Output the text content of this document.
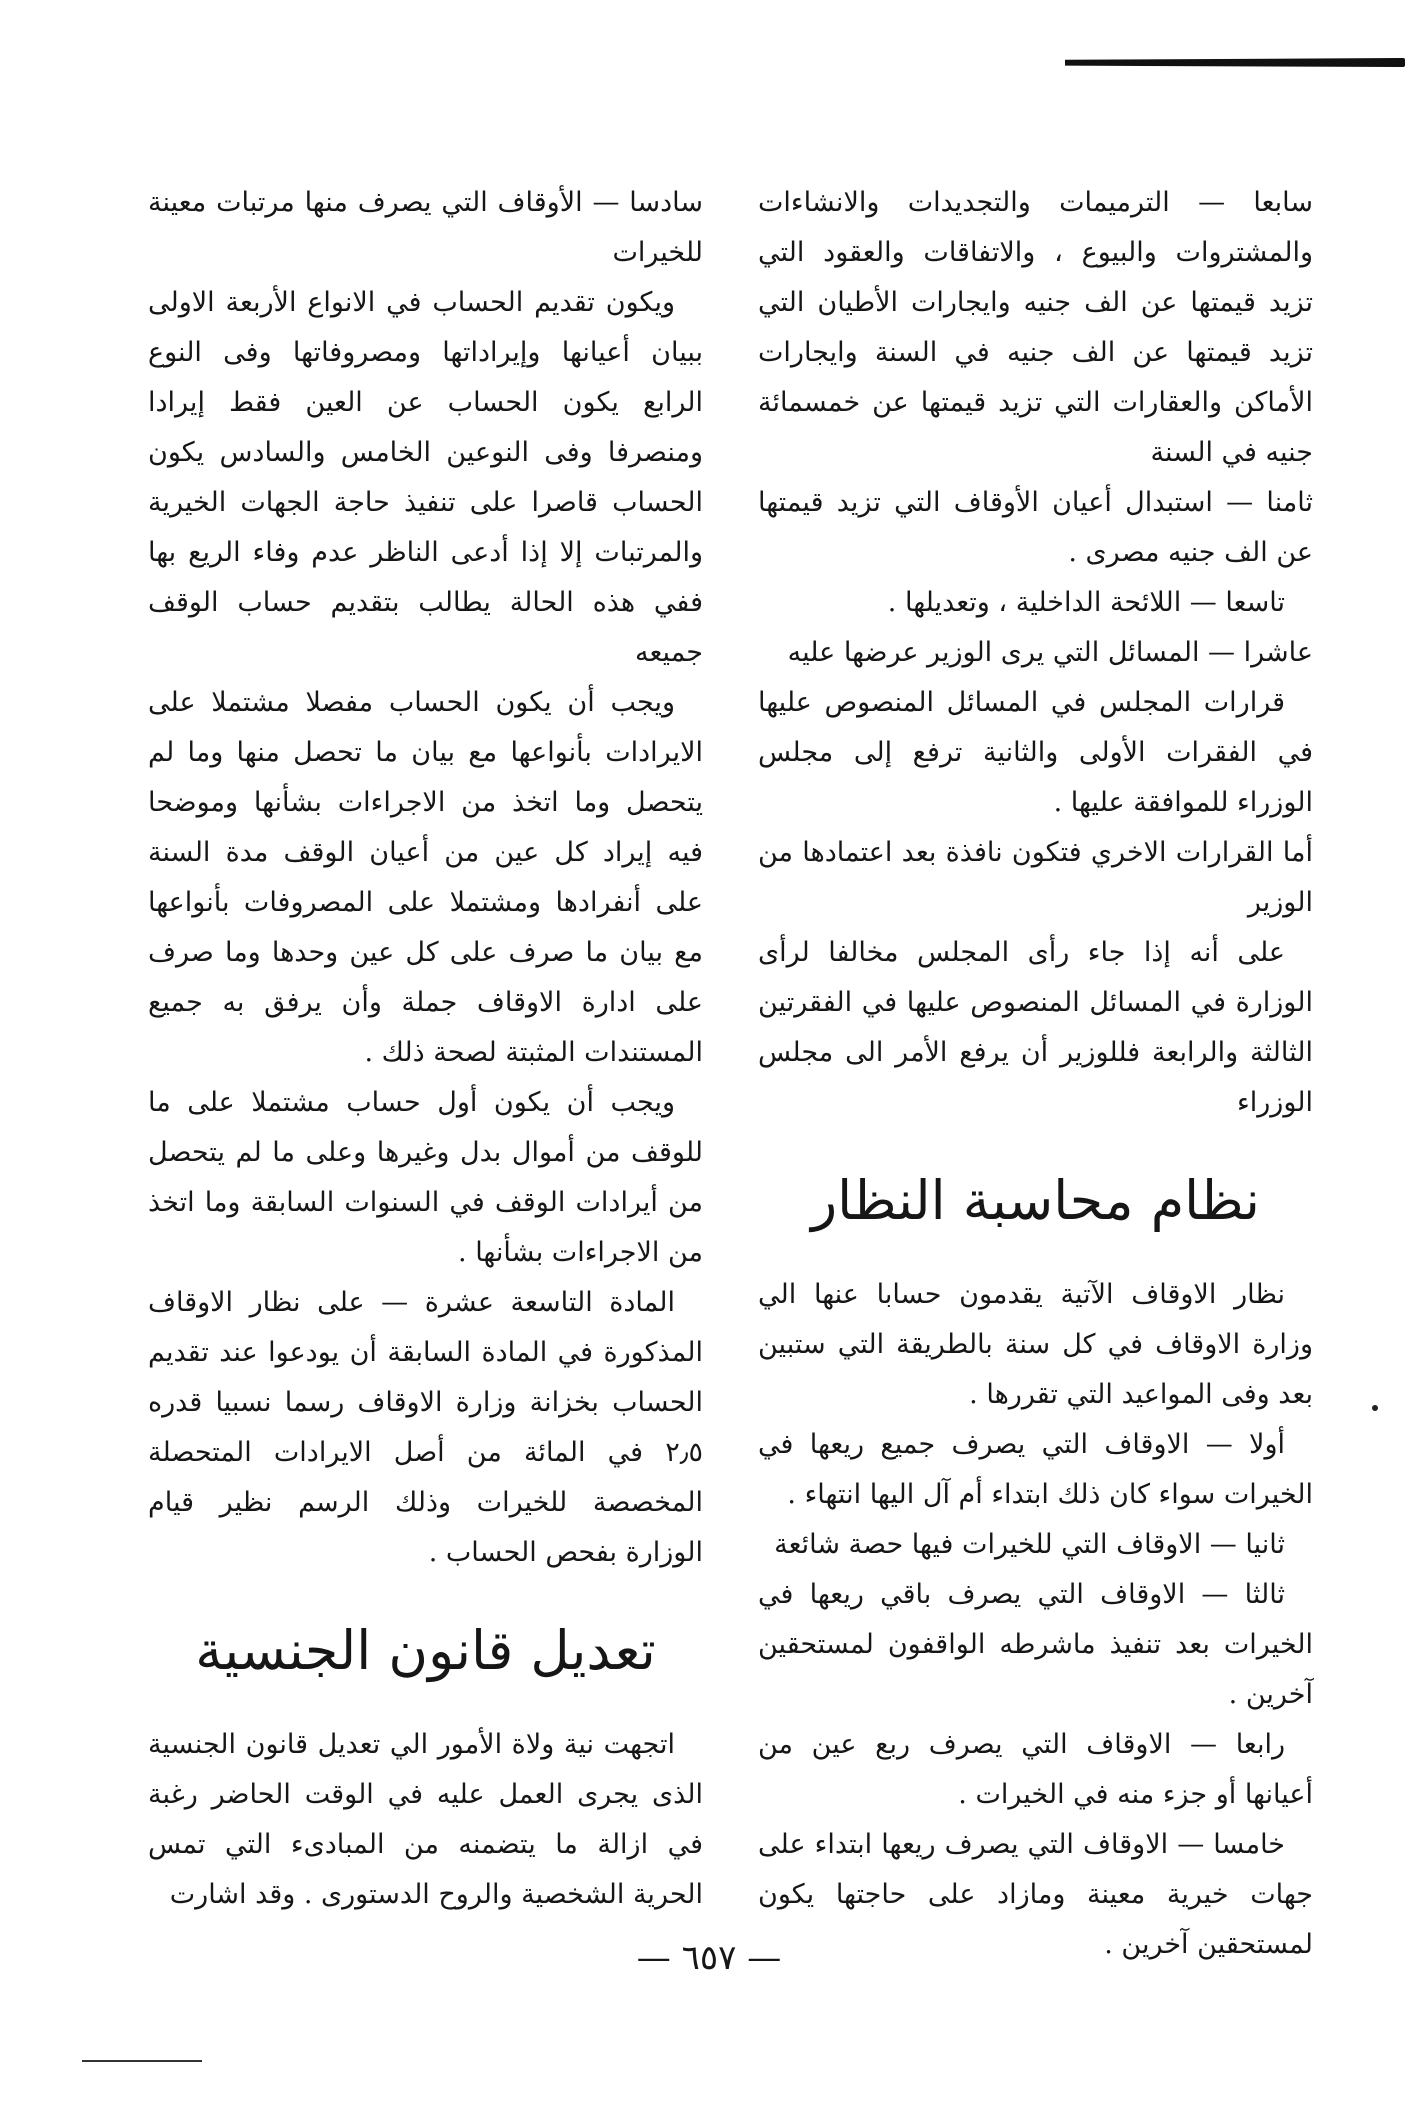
سابعا — الترميمات والتجديدات والانشاءات والمشتروات والبيوع ، والاتفاقات والعقود التي تزيد قيمتها عن الف جنيه وايجارات الأطيان التي تزيد قيمتها عن الف جنيه في السنة وايجارات الأماكن والعقارات التي تزيد قيمتها عن خمسمائة جنيه في السنة

ثامنا — استبدال أعيان الأوقاف التي تزيد قيمتها عن الف جنيه مصرى .

تاسعا — اللائحة الداخلية ، وتعديلها .

عاشرا — المسائل التي يرى الوزير عرضها عليه

قرارات المجلس في المسائل المنصوص عليها في الفقرات الأولى والثانية ترفع إلى مجلس الوزراء للموافقة عليها .

أما القرارات الاخري فتكون نافذة بعد اعتمادها من الوزير

على أنه إذا جاء رأى المجلس مخالفا لرأى الوزارة في المسائل المنصوص عليها في الفقرتين الثالثة والرابعة فللوزير أن يرفع الأمر الى مجلس الوزراء

نظام محاسبة النظار

نظار الاوقاف الآتية يقدمون حسابا عنها الي وزارة الاوقاف في كل سنة بالطريقة التي ستبين بعد وفى المواعيد التي تقررها .

أولا — الاوقاف التي يصرف جميع ريعها في الخيرات سواء كان ذلك ابتداء أم آل اليها انتهاء .

ثانيا — الاوقاف التي للخيرات فيها حصة شائعة

ثالثا — الاوقاف التي يصرف باقي ريعها في الخيرات بعد تنفيذ ماشرطه الواقفون لمستحقين آخرين .

رابعا — الاوقاف التي يصرف ربع عين من أعيانها أو جزء منه في الخيرات .

خامسا — الاوقاف التي يصرف ريعها ابتداء على جهات خيرية معينة ومازاد على حاجتها يكون لمستحقين آخرين .

سادسا — الأوقاف التي يصرف منها مرتبات معينة للخيرات

ويكون تقديم الحساب في الانواع الأربعة الاولى ببيان أعيانها وإيراداتها ومصروفاتها وفى النوع الرابع يكون الحساب عن العين فقط إيرادا ومنصرفا وفى النوعين الخامس والسادس يكون الحساب قاصرا على تنفيذ حاجة الجهات الخيرية والمرتبات إلا إذا أدعى الناظر عدم وفاء الريع بها ففي هذه الحالة يطالب بتقديم حساب الوقف جميعه

ويجب أن يكون الحساب مفصلا مشتملا على الايرادات بأنواعها مع بيان ما تحصل منها وما لم يتحصل وما اتخذ من الاجراءات بشأنها وموضحا فيه إيراد كل عين من أعيان الوقف مدة السنة على أنفرادها ومشتملا على المصروفات بأنواعها مع بيان ما صرف على كل عين وحدها وما صرف على ادارة الاوقاف جملة وأن يرفق به جميع المستندات المثبتة لصحة ذلك .

ويجب أن يكون أول حساب مشتملا على ما للوقف من أموال بدل وغيرها وعلى ما لم يتحصل من أيرادات الوقف في السنوات السابقة وما اتخذ من الاجراءات بشأنها .

المادة التاسعة عشرة — على نظار الاوقاف المذكورة في المادة السابقة أن يودعوا عند تقديم الحساب بخزانة وزارة الاوقاف رسما نسبيا قدره ٢٫٥ في المائة من أصل الايرادات المتحصلة المخصصة للخيرات وذلك الرسم نظير قيام الوزارة بفحص الحساب .

تعديل قانون الجنسية

اتجهت نية ولاة الأمور الي تعديل قانون الجنسية الذى يجرى العمل عليه في الوقت الحاضر رغبة في ازالة ما يتضمنه من المبادىء التي تمس الحرية الشخصية والروح الدستورى . وقد اشارت

— ٦٥٧ —
